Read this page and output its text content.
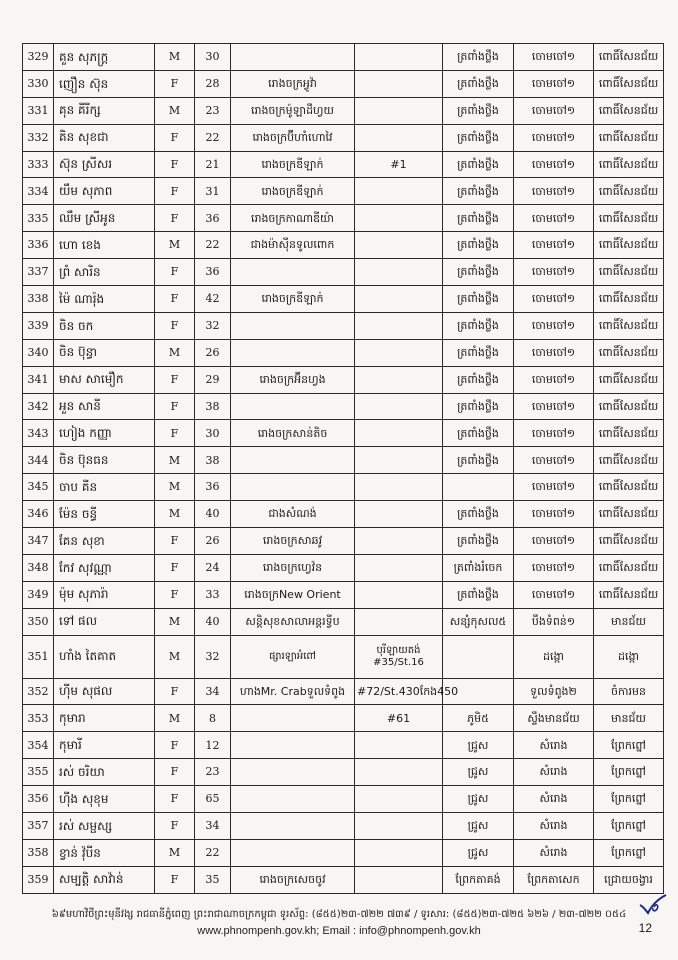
329	គួន សុភក្ត្រ	M	30			ត្រពាំងថ្លឹង	ចោមចៅ១	ពោធិ៍សែនជ័យ
330	ញឿន ស៊ុន	F	28	រោងចក្រអ្វូវ៉ា		ត្រពាំងថ្លឹង	ចោមចៅ១	ពោធិ៍សែនជ័យ
331	គុន គីរីក្ស	M	23	រោងចក្រម៉ូឡាដឺហ្វយ		ត្រពាំងថ្លឹង	ចោមចៅ១	ពោធិ៍សែនជ័យ
332	គិន សុខជា	F	22	រោងចក្រប៊ីហាំហោវៃ		ត្រពាំងថ្លឹង	ចោមចៅ១	ពោធិ៍សែនជ័យ
333	ស៊ុន ស្រីសរ	F	21	រោងចក្រឌីឡាក់	#1	ត្រពាំងថ្លឹង	ចោមចៅ១	ពោធិ៍សែនជ័យ
334	យឹម សុភាព	F	31	រោងចក្រឌីឡាក់		ត្រពាំងថ្លឹង	ចោមចៅ១	ពោធិ៍សែនជ័យ
335	ឈឹម ស្រីអូន	F	36	រោងចក្រកាណាឌីយ៉ា		ត្រពាំងថ្លឹង	ចោមចៅ១	ពោធិ៍សែនជ័យ
336	ហោ ខេង	M	22	ជាងម៉ាស៊ីនទូលពោក		ត្រពាំងថ្លឹង	ចោមចៅ១	ពោធិ៍សែនជ័យ
337	ព្រំ សារិន	F	36			ត្រពាំងថ្លឹង	ចោមចៅ១	ពោធិ៍សែនជ័យ
338	ម៉ៃ ណារ៉ុង	F	42	រោងចក្រឌីឡាក់		ត្រពាំងថ្លឹង	ចោមចៅ១	ពោធិ៍សែនជ័យ
339	ចិន ចក	F	32			ត្រពាំងថ្លឹង	ចោមចៅ១	ពោធិ៍សែនជ័យ
340	ចិន ប៊ុន្ធា	M	26			ត្រពាំងថ្លឹង	ចោមចៅ១	ពោធិ៍សែនជ័យ
341	មាស សាមឿក	F	29	រោងចក្រអ៊ីនហ្វង		ត្រពាំងថ្លឹង	ចោមចៅ១	ពោធិ៍សែនជ័យ
342	អួន សានី	F	38			ត្រពាំងថ្លឹង	ចោមចៅ១	ពោធិ៍សែនជ័យ
343	ហៀង កញ្ញា	F	30	រោងចក្រសាន់តិច		ត្រពាំងថ្លឹង	ចោមចៅ១	ពោធិ៍សែនជ័យ
344	ចិន ប៊ុនធន	M	38			ត្រពាំងថ្លឹង	ចោមចៅ១	ពោធិ៍សែនជ័យ
345	ចាប គីន	M	36				ចោមចៅ១	ពោធិ៍សែនជ័យ
346	ម៉ែន ចន្ធី	M	40	ជាងសំណង់		ត្រពាំងថ្លឹង	ចោមចៅ១	ពោធិ៍សែនជ័យ
347	គែន សុខា	F	26	រោងចក្រសាឆវូ		ត្រពាំងថ្លឹង	ចោមចៅ១	ពោធិ៍សែនជ័យ
348	កែវ សុវណ្ណា	F	24	រោងចក្រហ្វេវ៉ន		ត្រពាំងរំចេក	ចោមចៅ១	ពោធិ៍សែនជ័យ
349	ម៉ុម សុភារ៉ា	F	33	រោងចក្រNew Orient		ត្រពាំងថ្លឹង	ចោមចៅ១	ពោធិ៍សែនជ័យ
350	ទៅ ផល	M	40	សន្តិសុខសាលាអន្តរទ្វីប		សន្សំកុសល៥	បឹងទំពន់១	មានជ័យ
351	ហាំង តៃគាត	M	32	ផ្សារឡាអំពៅ	បុរីឡាយតង់ #35/St.16		ដង្កោ	ដង្កោ
352	ហ៊ីម សុផល	F	34	ហាងMr. Crabទួលទំពូង	#72/St.430កែង450		ទួលទំពូង២	ចំការមន
353	កុមារា	M	8		#61	ភូមិ៥	ស្ទឹងមានជ័យ	មានជ័យ
354	កុមារី	F	12			ជ្រូស	សំរោង	ព្រែកព្នៅ
355	រស់ ចរិយា	F	23			ជ្រូស	សំរោង	ព្រែកព្នៅ
356	ហ៊ីង សុខុម	F	65			ជ្រូស	សំរោង	ព្រែកព្នៅ
357	រស់ សម្ផស្ស	F	34			ជ្រូស	សំរោង	ព្រែកព្នៅ
358	ខ្វាន់ វ៉ុបីន	M	22			ជ្រូស	សំរោង	ព្រែកព្នៅ
359	សម្បត្តិ សាវ៉ាន់	F	35	រោងចក្រសេចចូវ		ព្រែកតាគង់	ព្រែកតាសេក	ជ្រោយចង្វារ
៦៩មហាវិថីព្រះមុនីវង្ស រាជធានីភ្នំពេញ ព្រះរាជាណាចក្រកម្ពុជា ទូរស័ព្ទ: (៨៥៥)២៣-៧២២ ៧៣៩ / ទូរសារ: (៨៥៥)២៣-៧២៥ ៦២៦ / ២៣-៧២២ ០៥៤
www.phnompenh.gov.kh; Email : info@phnompenh.gov.kh	12
